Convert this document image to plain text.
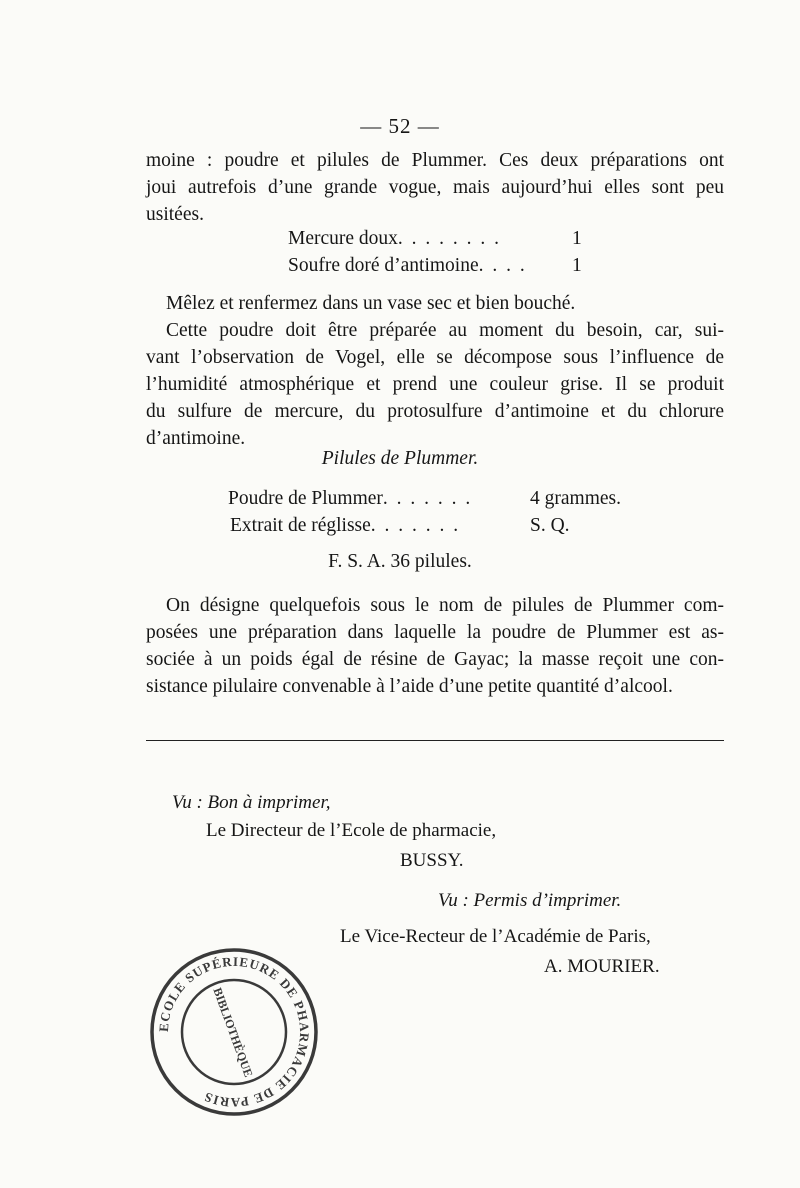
— 52 —
moine : poudre et pilules de Plummer. Ces deux préparations ont
joui autrefois d’une grande vogue, mais aujourd’hui elles sont peu
usitées.
Mercure doux. . . . . . . .	1
Soufre doré d’antimoine. . . . 1
Mêlez et renfermez dans un vase sec et bien bouché.
Cette poudre doit être préparée au moment du besoin, car, sui-
vant l’observation de Vogel, elle se décompose sous l’influence de
l’humidité atmosphérique et prend une couleur grise. Il se produit
du sulfure de mercure, du protosulfure d’antimoine et du chlorure
d’antimoine.
Pilules de Plummer.
Poudre de Plummer. . . . . . .	4 grammes.
Extrait de réglisse. . . . . . .	S. Q.
F. S. A. 36 pilules.
On désigne quelquefois sous le nom de pilules de Plummer com-
posées une préparation dans laquelle la poudre de Plummer est as-
sociée à un poids égal de résine de Gayac; la masse reçoit une con-
sistance pilulaire convenable à l’aide d’une petite quantité d’alcool.
Vu : Bon à imprimer,
Le Directeur de l’Ecole de pharmacie,
BUSSY.
Vu : Permis d’imprimer.
Le Vice-Recteur de l’Académie de Paris,
A. MOURIER.
ECOLE SUPÉRIEURE DE PHARMACIE DE PARIS
BIBLIOTHÈQUE
